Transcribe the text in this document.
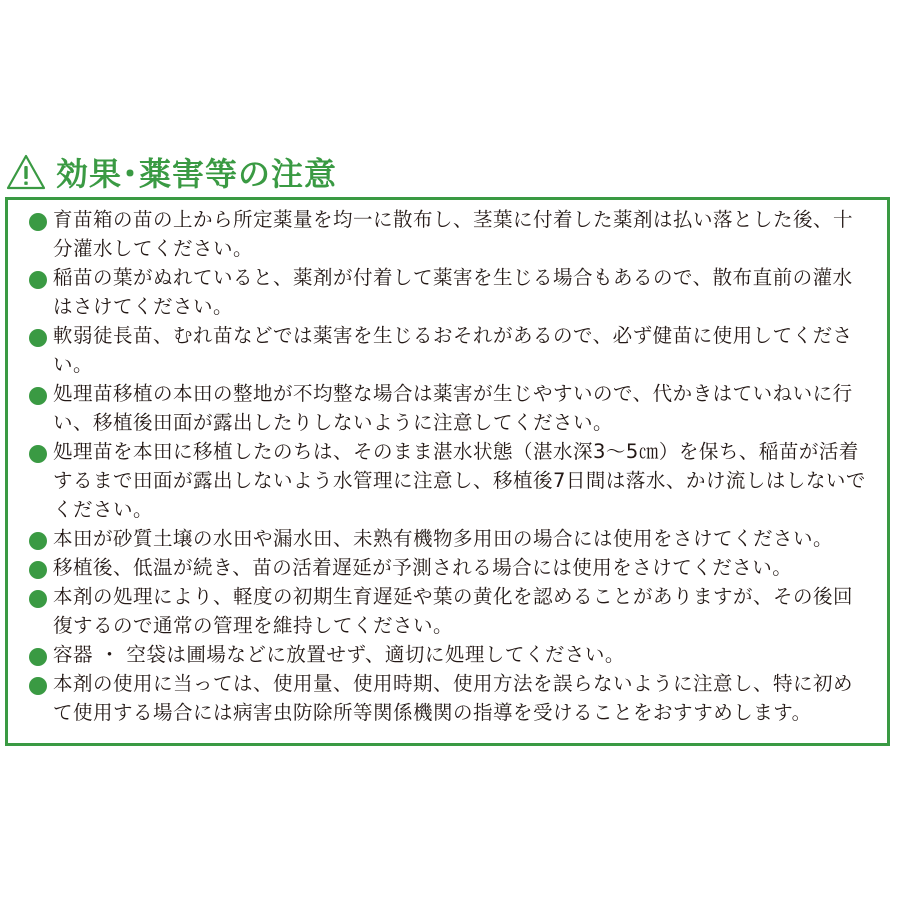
効果･薬害等の注意
育苗箱の苗の上から所定薬量を均一に散布し、茎葉に付着した薬剤は払い落とした後、十分灌水してください。
稲苗の葉がぬれていると、薬剤が付着して薬害を生じる場合もあるので、散布直前の灌水はさけてください。
軟弱徒長苗、むれ苗などでは薬害を生じるおそれがあるので、必ず健苗に使用してください。
処理苗移植の本田の整地が不均整な場合は薬害が生じやすいので、代かきはていねいに行い、移植後田面が露出したりしないように注意してください。
処理苗を本田に移植したのちは、そのまま湛水状態（湛水深3～5㎝）を保ち、稲苗が活着するまで田面が露出しないよう水管理に注意し、移植後7日間は落水、かけ流しはしないでください。
本田が砂質土壌の水田や漏水田、未熟有機物多用田の場合には使用をさけてください。
移植後、低温が続き、苗の活着遅延が予測される場合には使用をさけてください。
本剤の処理により、軽度の初期生育遅延や葉の黄化を認めることがありますが、その後回復するので通常の管理を維持してください。
容器 ・ 空袋は圃場などに放置せず、適切に処理してください。
本剤の使用に当っては、使用量、使用時期、使用方法を誤らないように注意し、特に初めて使用する場合には病害虫防除所等関係機関の指導を受けることをおすすめします。
